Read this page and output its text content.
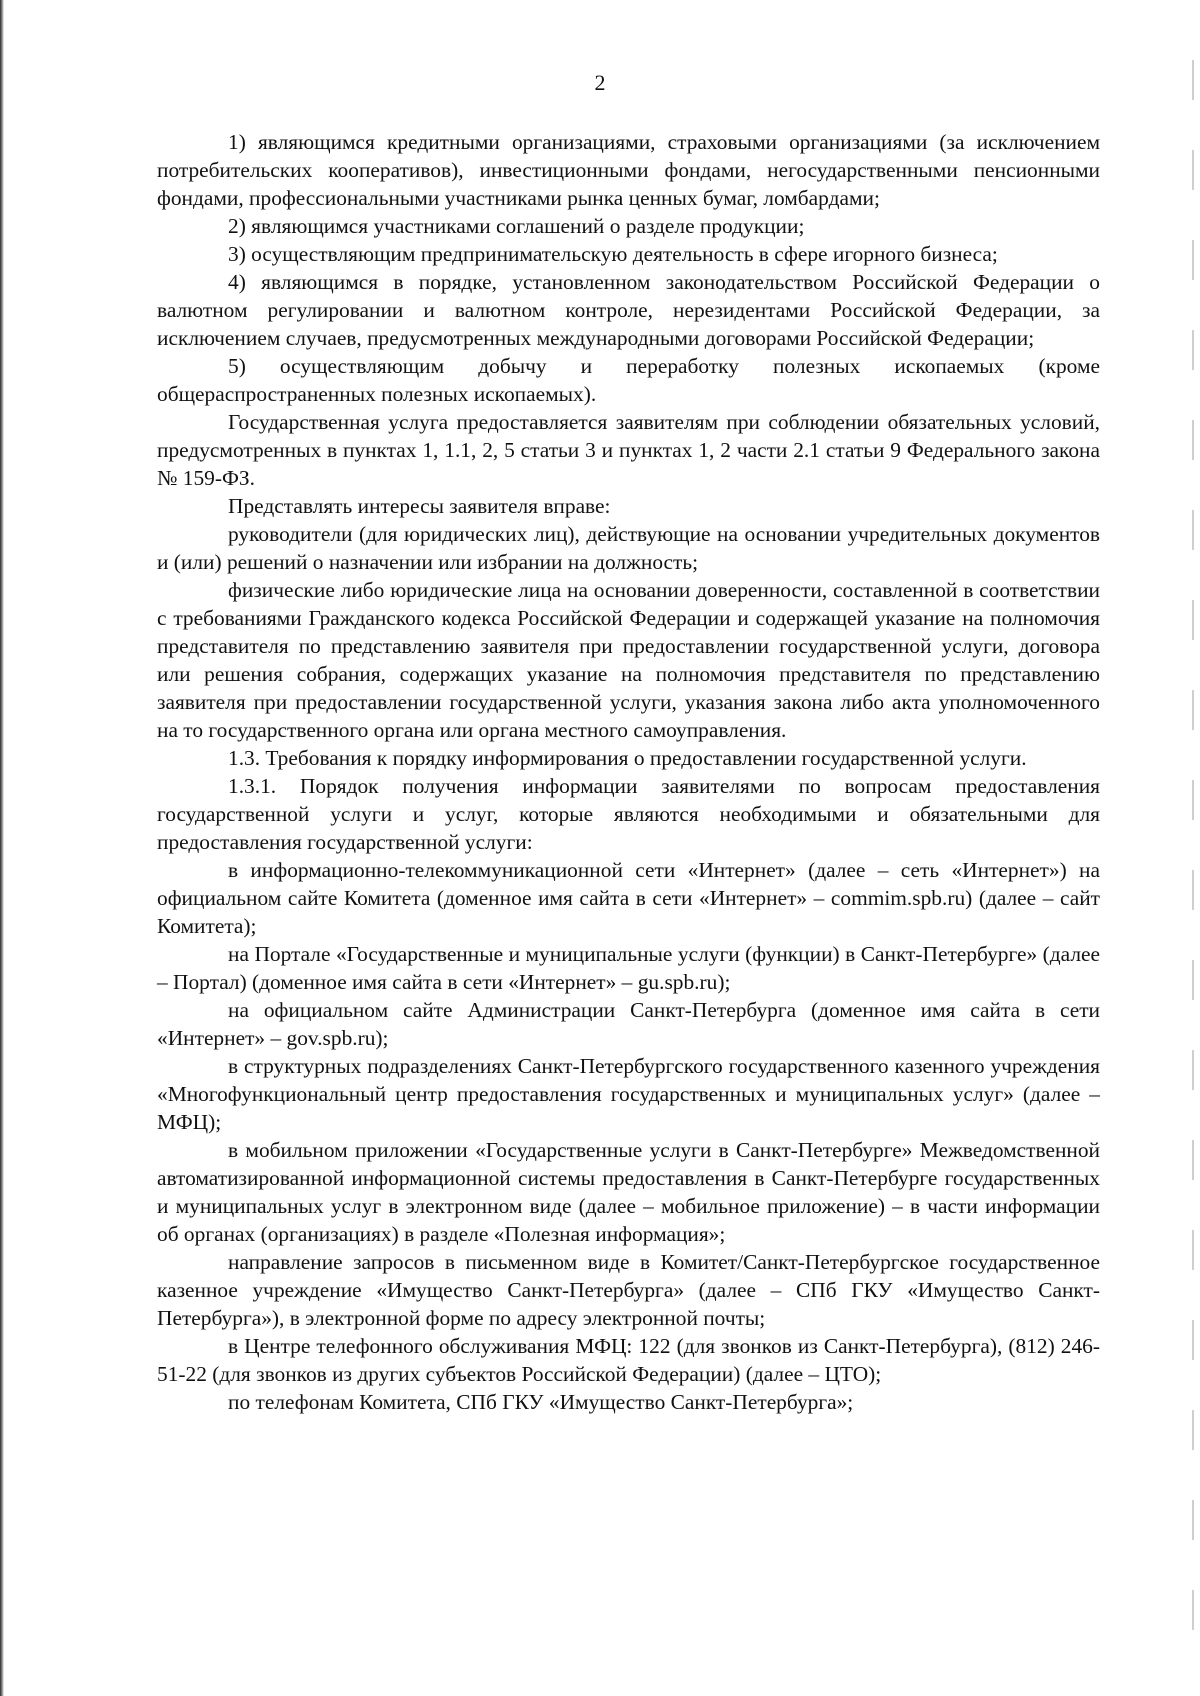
2

1) являющимся кредитными организациями, страховыми организациями (за исключением потребительских кооперативов), инвестиционными фондами, негосударственными пенсионными фондами, профессиональными участниками рынка ценных бумаг, ломбардами;

2) являющимся участниками соглашений о разделе продукции;

3) осуществляющим предпринимательскую деятельность в сфере игорного бизнеса;

4) являющимся в порядке, установленном законодательством Российской Федерации о валютном регулировании и валютном контроле, нерезидентами Российской Федерации, за исключением случаев, предусмотренных международными договорами Российской Федерации;

5) осуществляющим добычу и переработку полезных ископаемых (кроме общераспространенных полезных ископаемых).

Государственная услуга предоставляется заявителям при соблюдении обязательных условий, предусмотренных в пунктах 1, 1.1, 2, 5 статьи 3 и пунктах 1, 2 части 2.1 статьи 9 Федерального закона № 159-ФЗ.

Представлять интересы заявителя вправе:

руководители (для юридических лиц), действующие на основании учредительных документов и (или) решений о назначении или избрании на должность;

физические либо юридические лица на основании доверенности, составленной в соответствии с требованиями Гражданского кодекса Российской Федерации и содержащей указание на полномочия представителя по представлению заявителя при предоставлении государственной услуги, договора или решения собрания, содержащих указание на полномочия представителя по представлению заявителя при предоставлении государственной услуги, указания закона либо акта уполномоченного на то государственного органа или органа местного самоуправления.

1.3. Требования к порядку информирования о предоставлении государственной услуги.

1.3.1. Порядок получения информации заявителями по вопросам предоставления государственной услуги и услуг, которые являются необходимыми и обязательными для предоставления государственной услуги:

в информационно-телекоммуникационной сети «Интернет» (далее – сеть «Интернет») на официальном сайте Комитета (доменное имя сайта в сети «Интернет» – commim.spb.ru) (далее – сайт Комитета);

на Портале «Государственные и муниципальные услуги (функции) в Санкт-Петербурге» (далее – Портал) (доменное имя сайта в сети «Интернет» – gu.spb.ru);

на официальном сайте Администрации Санкт-Петербурга (доменное имя сайта в сети «Интернет» – gov.spb.ru);

в структурных подразделениях Санкт-Петербургского государственного казенного учреждения «Многофункциональный центр предоставления государственных и муниципальных услуг» (далее – МФЦ);

в мобильном приложении «Государственные услуги в Санкт-Петербурге» Межведомственной автоматизированной информационной системы предоставления в Санкт-Петербурге государственных и муниципальных услуг в электронном виде (далее – мобильное приложение) – в части информации об органах (организациях) в разделе «Полезная информация»;

направление запросов в письменном виде в Комитет/Санкт-Петербургское государственное казенное учреждение «Имущество Санкт-Петербурга» (далее – СПб ГКУ «Имущество Санкт-Петербурга»), в электронной форме по адресу электронной почты;

в Центре телефонного обслуживания МФЦ: 122 (для звонков из Санкт-Петербурга), (812) 246-51-22 (для звонков из других субъектов Российской Федерации) (далее – ЦТО);

по телефонам Комитета, СПб ГКУ «Имущество Санкт-Петербурга»;
